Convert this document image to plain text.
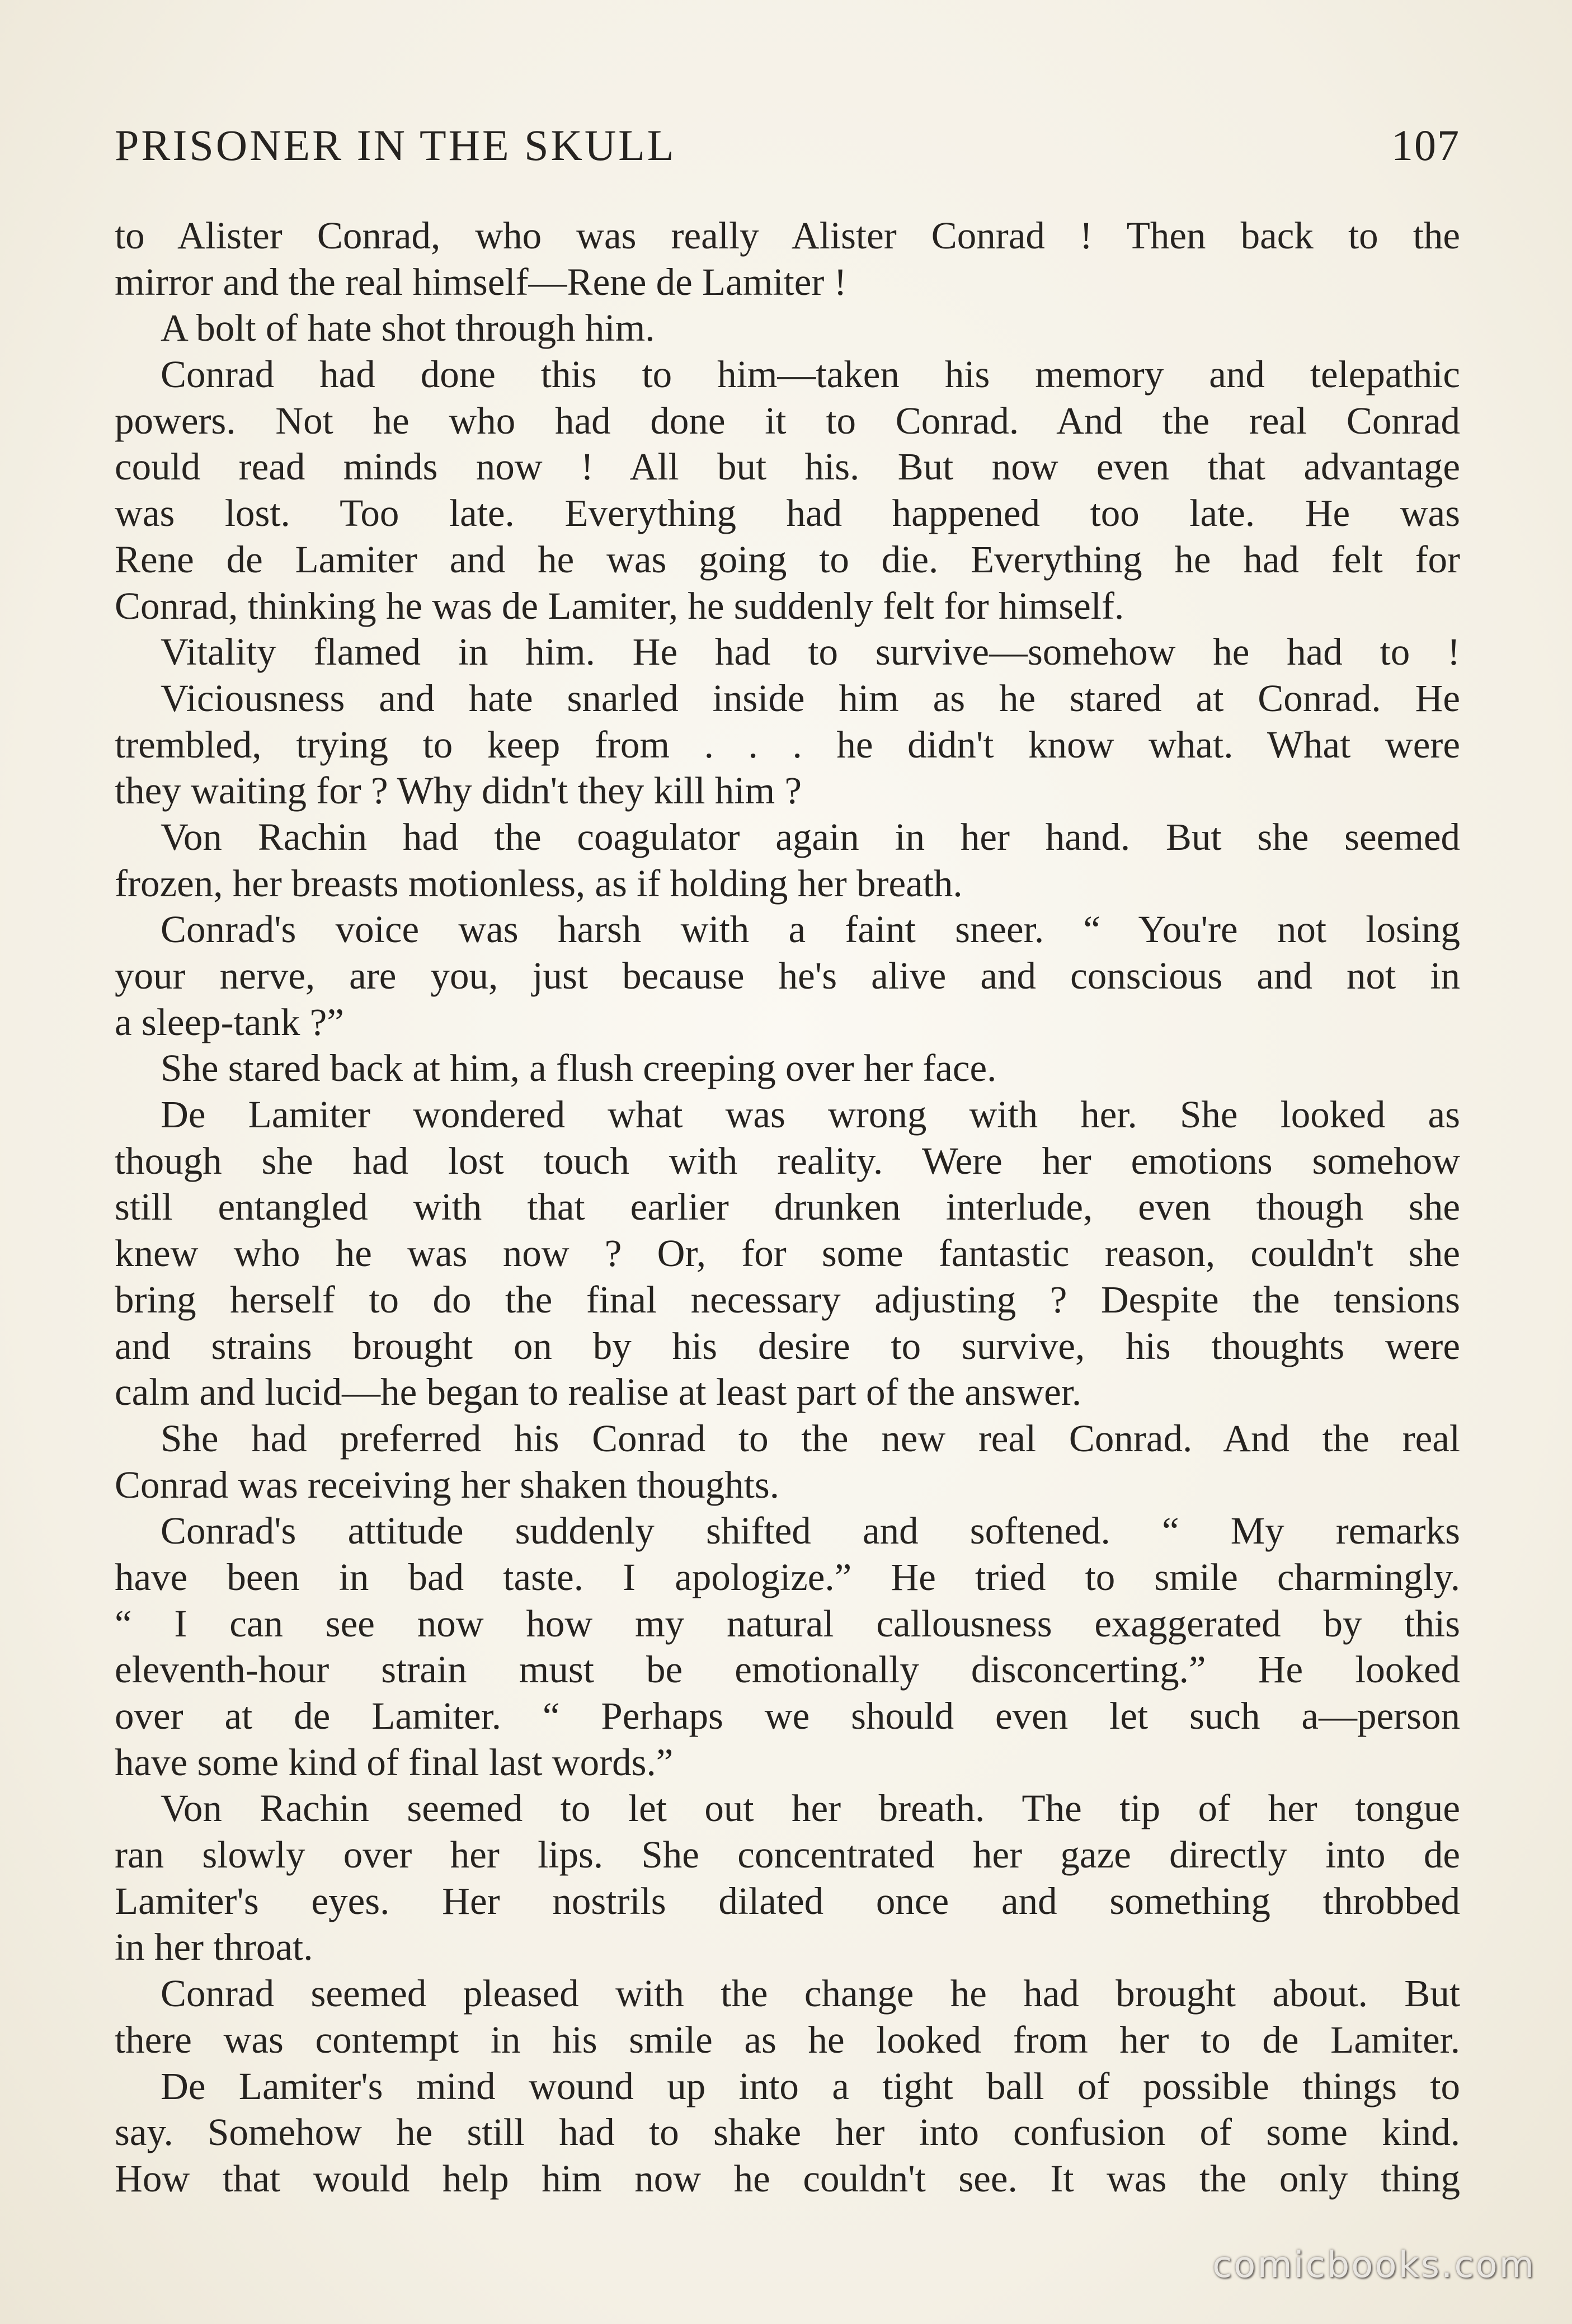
PRISONER IN THE SKULL	107
to Alister Conrad, who was really Alister Conrad ! Then back to the
mirror and the real himself—Rene de Lamiter !
A bolt of hate shot through him.
Conrad had done this to him—taken his memory and telepathic
powers. Not he who had done it to Conrad. And the real Conrad
could read minds now ! All but his. But now even that advantage
was lost. Too late. Everything had happened too late. He was
Rene de Lamiter and he was going to die. Everything he had felt for
Conrad, thinking he was de Lamiter, he suddenly felt for himself.
Vitality flamed in him. He had to survive—somehow he had to !
Viciousness and hate snarled inside him as he stared at Conrad. He
trembled, trying to keep from . . . he didn't know what. What were
they waiting for ? Why didn't they kill him ?
Von Rachin had the coagulator again in her hand. But she seemed
frozen, her breasts motionless, as if holding her breath.
Conrad's voice was harsh with a faint sneer. “ You're not losing
your nerve, are you, just because he's alive and conscious and not in
a sleep-tank ?”
She stared back at him, a flush creeping over her face.
De Lamiter wondered what was wrong with her. She looked as
though she had lost touch with reality. Were her emotions somehow
still entangled with that earlier drunken interlude, even though she
knew who he was now ? Or, for some fantastic reason, couldn't she
bring herself to do the final necessary adjusting ? Despite the tensions
and strains brought on by his desire to survive, his thoughts were
calm and lucid—he began to realise at least part of the answer.
She had preferred his Conrad to the new real Conrad. And the real
Conrad was receiving her shaken thoughts.
Conrad's attitude suddenly shifted and softened. “ My remarks
have been in bad taste. I apologize.” He tried to smile charmingly.
“ I can see now how my natural callousness exaggerated by this
eleventh-hour strain must be emotionally disconcerting.” He looked
over at de Lamiter. “ Perhaps we should even let such a—person
have some kind of final last words.”
Von Rachin seemed to let out her breath. The tip of her tongue
ran slowly over her lips. She concentrated her gaze directly into de
Lamiter's eyes. Her nostrils dilated once and something throbbed
in her throat.
Conrad seemed pleased with the change he had brought about. But
there was contempt in his smile as he looked from her to de Lamiter.
De Lamiter's mind wound up into a tight ball of possible things to
say. Somehow he still had to shake her into confusion of some kind.
How that would help him now he couldn't see. It was the only thing
comicbooks.com
